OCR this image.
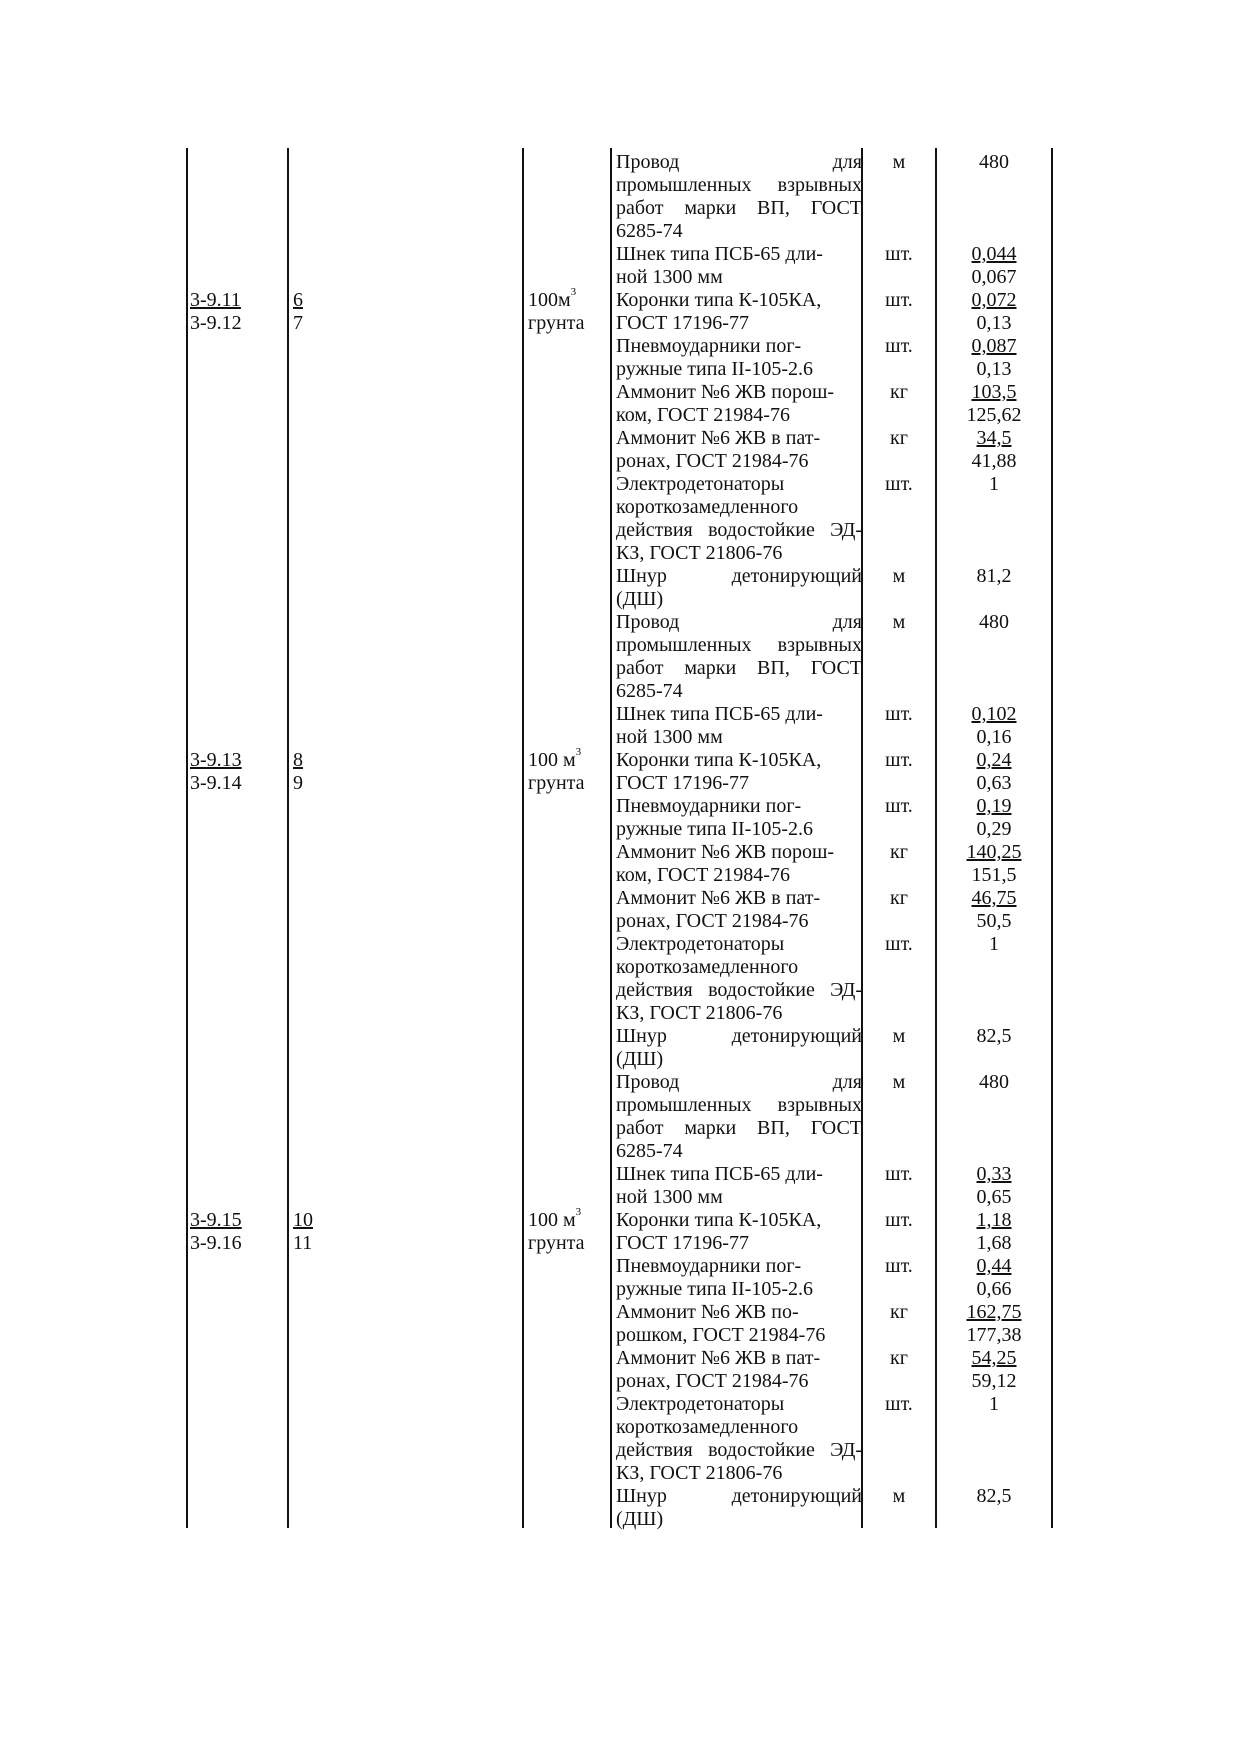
3-9.11
3-9.12
3-9.13
3-9.14
3-9.15
3-9.16
6
7
8
9
10
11
$100м^3$
грунта
100 $м^3$
грунта
100 $м^3$
грунта
Провод для
промышленных взрывных
работ марки ВП, ГОСТ
6285-74
Шнек типа ПСБ-65 дли-
ной 1300 мм
Коронки типа К-105КА,
ГОСТ 17196-77
Пневмоударники пог-
ружные типа II-105-2.6
Аммонит №6 ЖВ порош-
ком, ГОСТ 21984-76
Аммонит №6 ЖВ в пат-
ронах, ГОСТ 21984-76
Электродетонаторы
короткозамедленного
действия водостойкие ЭД-
КЗ, ГОСТ 21806-76
Шнур детонирующий
(ДШ)
Провод для
промышленных взрывных
работ марки ВП, ГОСТ
6285-74
Шнек типа ПСБ-65 дли-
ной 1300 мм
Коронки типа К-105КА,
ГОСТ 17196-77
Пневмоударники пог-
ружные типа II-105-2.6
Аммонит №6 ЖВ порош-
ком, ГОСТ 21984-76
Аммонит №6 ЖВ в пат-
ронах, ГОСТ 21984-76
Электродетонаторы
короткозамедленного
действия водостойкие ЭД-
КЗ, ГОСТ 21806-76
Шнур детонирующий
(ДШ)
Провод для
промышленных взрывных
работ марки ВП, ГОСТ
6285-74
Шнек типа ПСБ-65 дли-
ной 1300 мм
Коронки типа К-105КА,
ГОСТ 17196-77
Пневмоударники пог-
ружные типа II-105-2.6
Аммонит №6 ЖВ по-
рошком, ГОСТ 21984-76
Аммонит №6 ЖВ в пат-
ронах, ГОСТ 21984-76
Электродетонаторы
короткозамедленного
действия водостойкие ЭД-
КЗ, ГОСТ 21806-76
Шнур детонирующий
(ДШ)
м
шт.
шт.
шт.
кг
кг
шт.
м
м
шт.
шт.
шт.
кг
кг
шт.
м
м
шт.
шт.
шт.
кг
кг
шт.
м
480
0,044
0,067
0,072
0,13
0,087
0,13
103,5
125,62
34,5
41,88
1
81,2
480
0,102
0,16
0,24
0,63
0,19
0,29
140,25
151,5
46,75
50,5
1
82,5
480
0,33
0,65
1,18
1,68
0,44
0,66
162,75
177,38
54,25
59,12
1
82,5
